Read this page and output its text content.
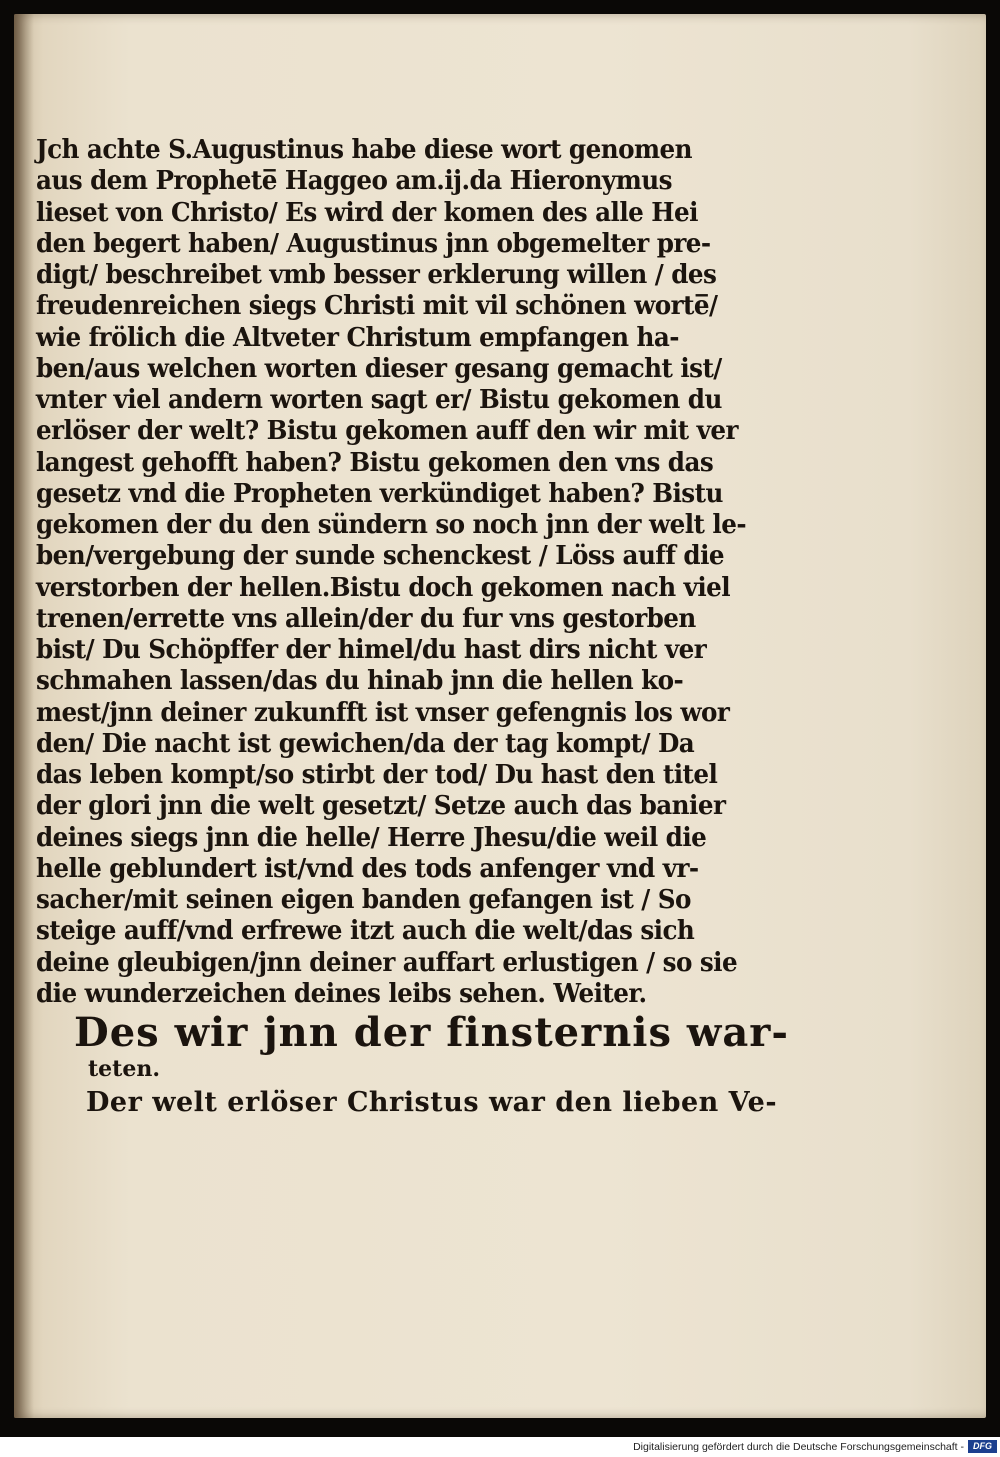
Jch achte S.Augustinus habe diese wort genomen
aus dem Prophete̅ Haggeo am.ij.da Hieronymus
lieset von Christo/ Es wird der komen des alle Hei
den begert haben/ Augustinus jnn obgemelter pre-
digt/ beschreibet vmb besser erklerung willen / des
freudenreichen siegs Christi mit vil schönen worte̅/
wie frölich die Altveter Christum empfangen ha-
ben/aus welchen worten dieser gesang gemacht ist/
vnter viel andern worten sagt er/ Bistu gekomen du
erlöser der welt? Bistu gekomen auff den wir mit ver
langest gehofft haben? Bistu gekomen den vns das
gesetz vnd die Propheten verkündiget haben? Bistu
gekomen der du den sündern so noch jnn der welt le-
ben/vergebung der sunde schenckest / Löss auff die
verstorben der hellen.Bistu doch gekomen nach viel
trenen/errette vns allein/der du fur vns gestorben
bist/ Du Schöpffer der himel/du hast dirs nicht ver
schmahen lassen/das du hinab jnn die hellen ko-
mest/jnn deiner zukunfft ist vnser gefengnis los wor
den/ Die nacht ist gewichen/da der tag kompt/ Da
das leben kompt/so stirbt der tod/ Du hast den titel
der glori jnn die welt gesetzt/ Setze auch das banier
deines siegs jnn die helle/ Herre Jhesu/die weil die
helle geblundert ist/vnd des tods anfenger vnd vr-
sacher/mit seinen eigen banden gefangen ist / So
steige auff/vnd erfrewe itzt auch die welt/das sich
deine gleubigen/jnn deiner auffart erlustigen / so sie
die wunderzeichen deines leibs sehen. Weiter.
Des wir jnn der finsternis war-
teten.
Der welt erlöser Christus war den lieben Ve-
Digitalisierung gefördert durch die Deutsche Forschungsgemeinschaft -	DFG
